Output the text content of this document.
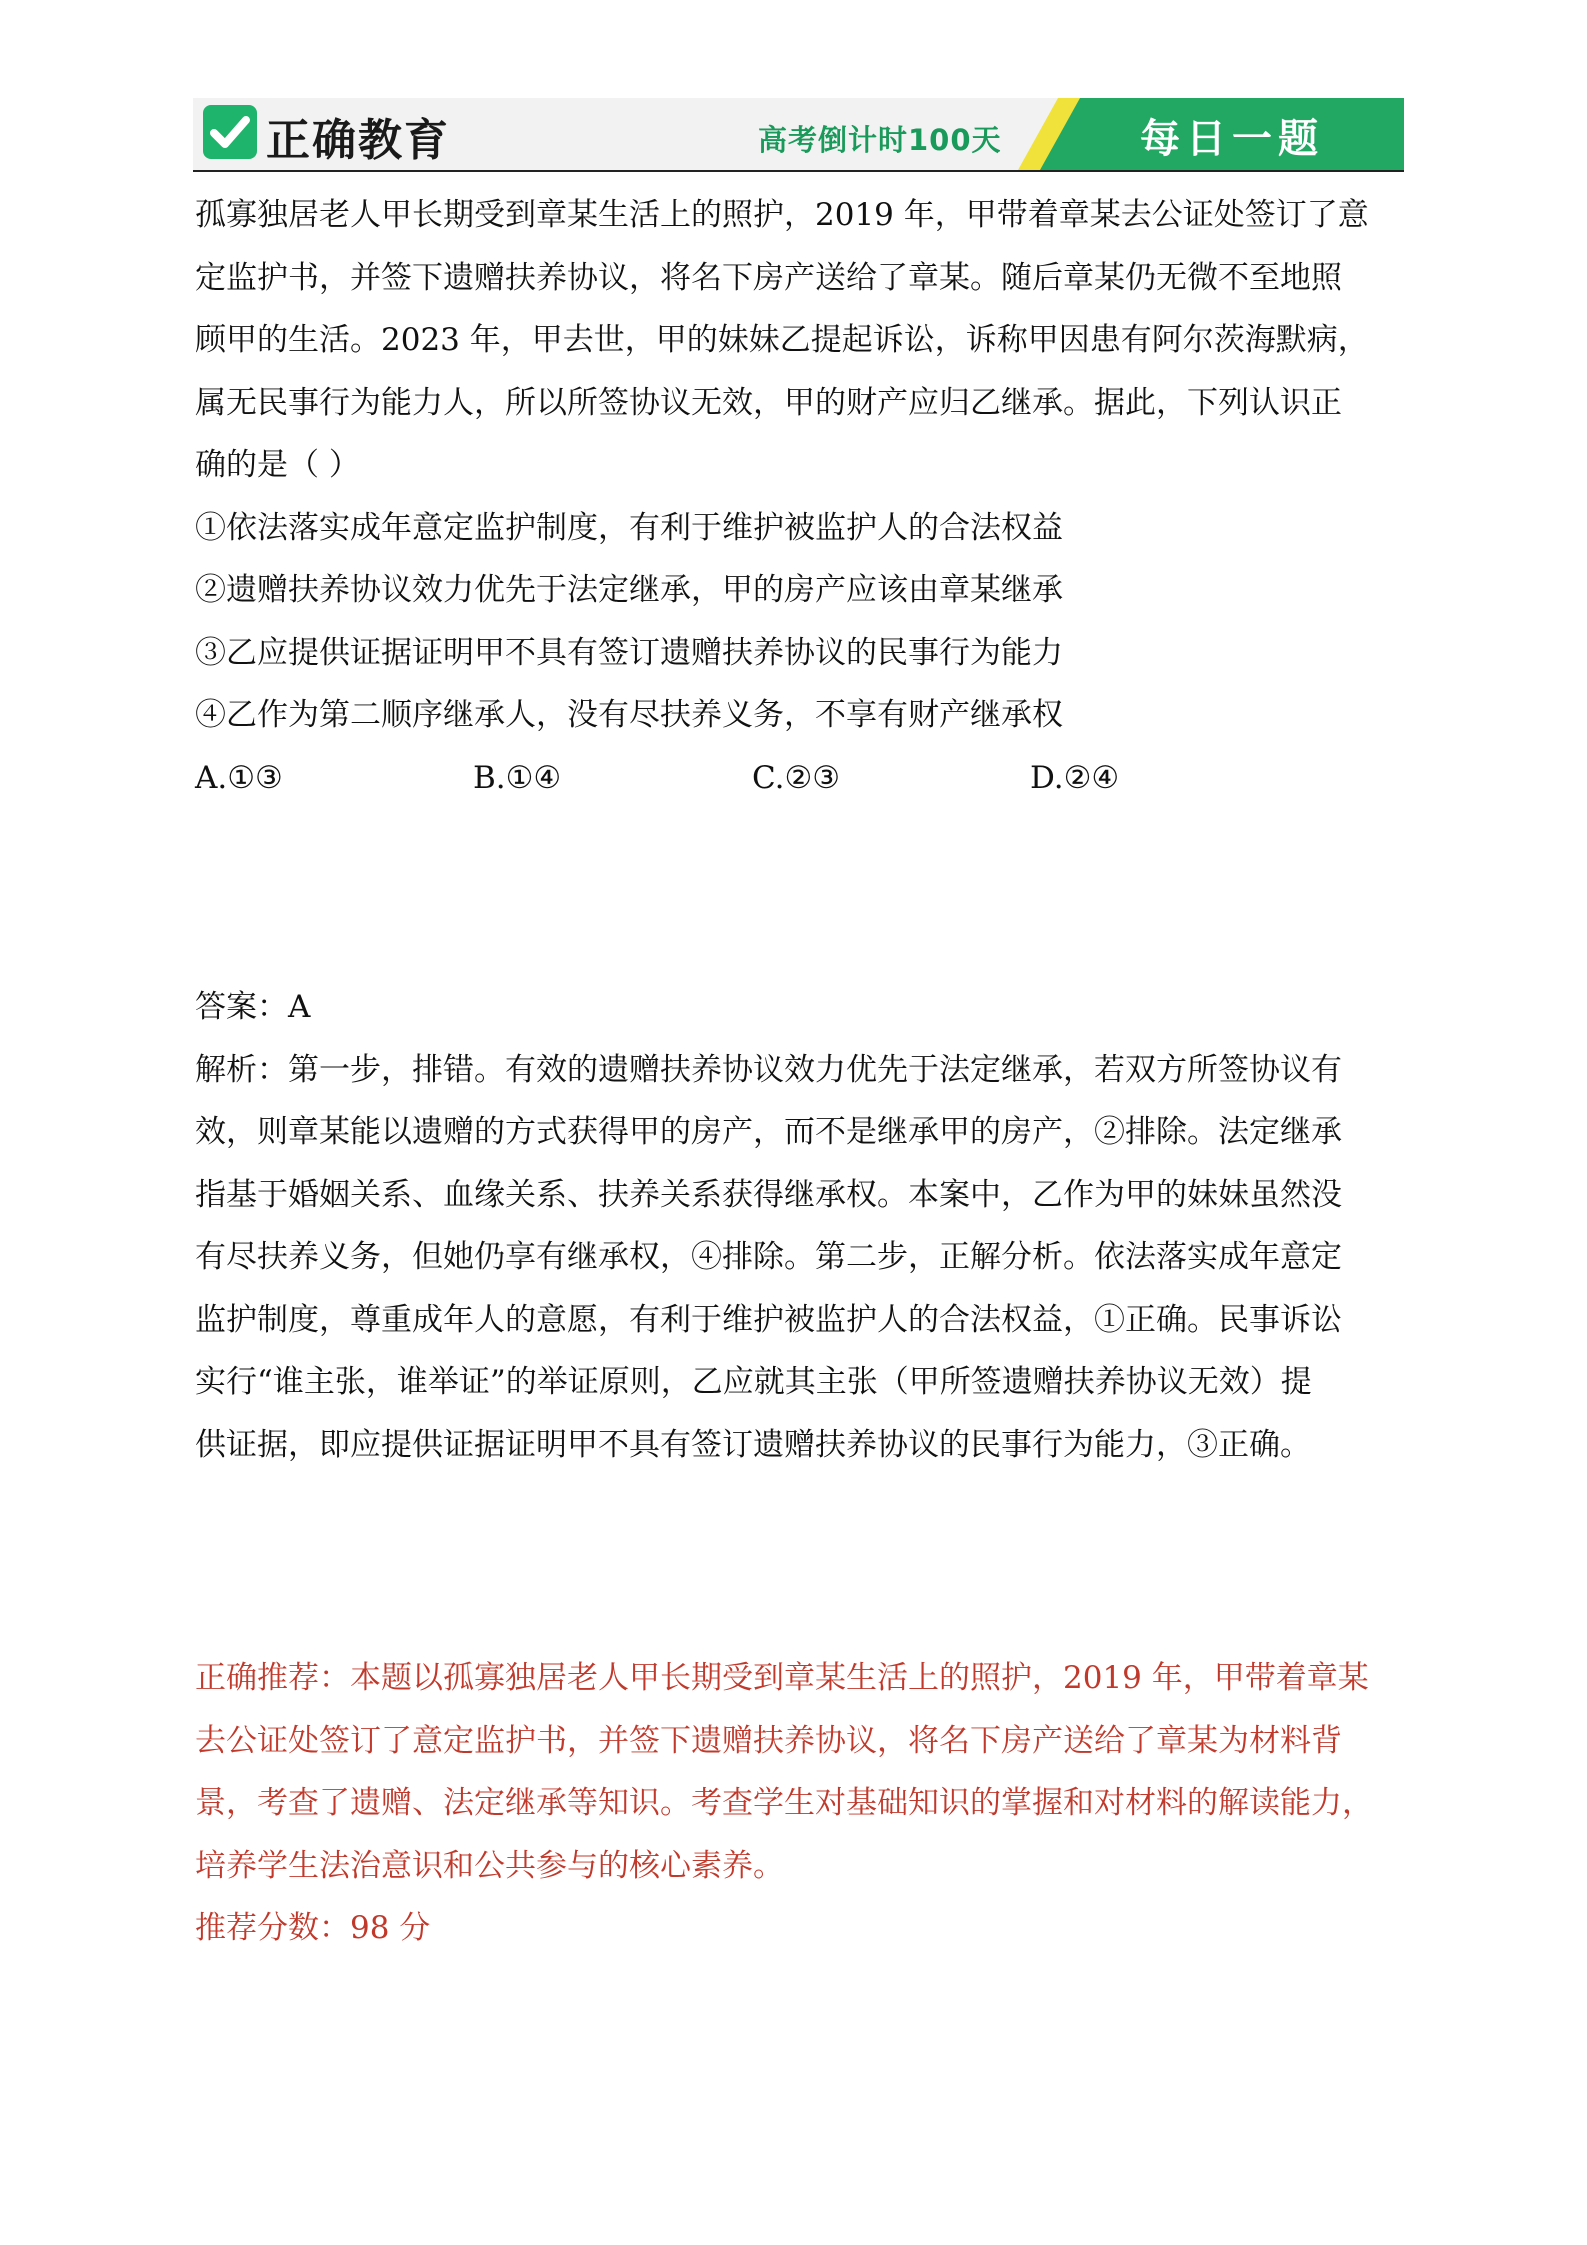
正确教育	高考倒计时100天	每日一题

孤寡独居老人甲长期受到章某生活上的照护，2019 年，甲带着章某去公证处签订了意

定监护书，并签下遗赠扶养协议，将名下房产送给了章某。随后章某仍无微不至地照

顾甲的生活。2023 年，甲去世，甲的妹妹乙提起诉讼，诉称甲因患有阿尔茨海默病，

属无民事行为能力人，所以所签协议无效，甲的财产应归乙继承。据此，下列认识正

确的是（ ）

①依法落实成年意定监护制度，有利于维护被监护人的合法权益

②遗赠扶养协议效力优先于法定继承，甲的房产应该由章某继承

③乙应提供证据证明甲不具有签订遗赠扶养协议的民事行为能力

④乙作为第二顺序继承人，没有尽扶养义务，不享有财产继承权

A.①③	B.①④	C.②③	D.②④

答案：A

解析：第一步，排错。有效的遗赠扶养协议效力优先于法定继承，若双方所签协议有

效，则章某能以遗赠的方式获得甲的房产，而不是继承甲的房产，②排除。法定继承

指基于婚姻关系、血缘关系、扶养关系获得继承权。本案中，乙作为甲的妹妹虽然没

有尽扶养义务，但她仍享有继承权，④排除。第二步，正解分析。依法落实成年意定

监护制度，尊重成年人的意愿，有利于维护被监护人的合法权益，①正确。民事诉讼

实行“谁主张，谁举证”的举证原则，乙应就其主张（甲所签遗赠扶养协议无效）提

供证据，即应提供证据证明甲不具有签订遗赠扶养协议的民事行为能力，③正确。

正确推荐：本题以孤寡独居老人甲长期受到章某生活上的照护，2019 年，甲带着章某

去公证处签订了意定监护书，并签下遗赠扶养协议，将名下房产送给了章某为材料背

景，考查了遗赠、法定继承等知识。考查学生对基础知识的掌握和对材料的解读能力，

培养学生法治意识和公共参与的核心素养。

推荐分数：98 分
